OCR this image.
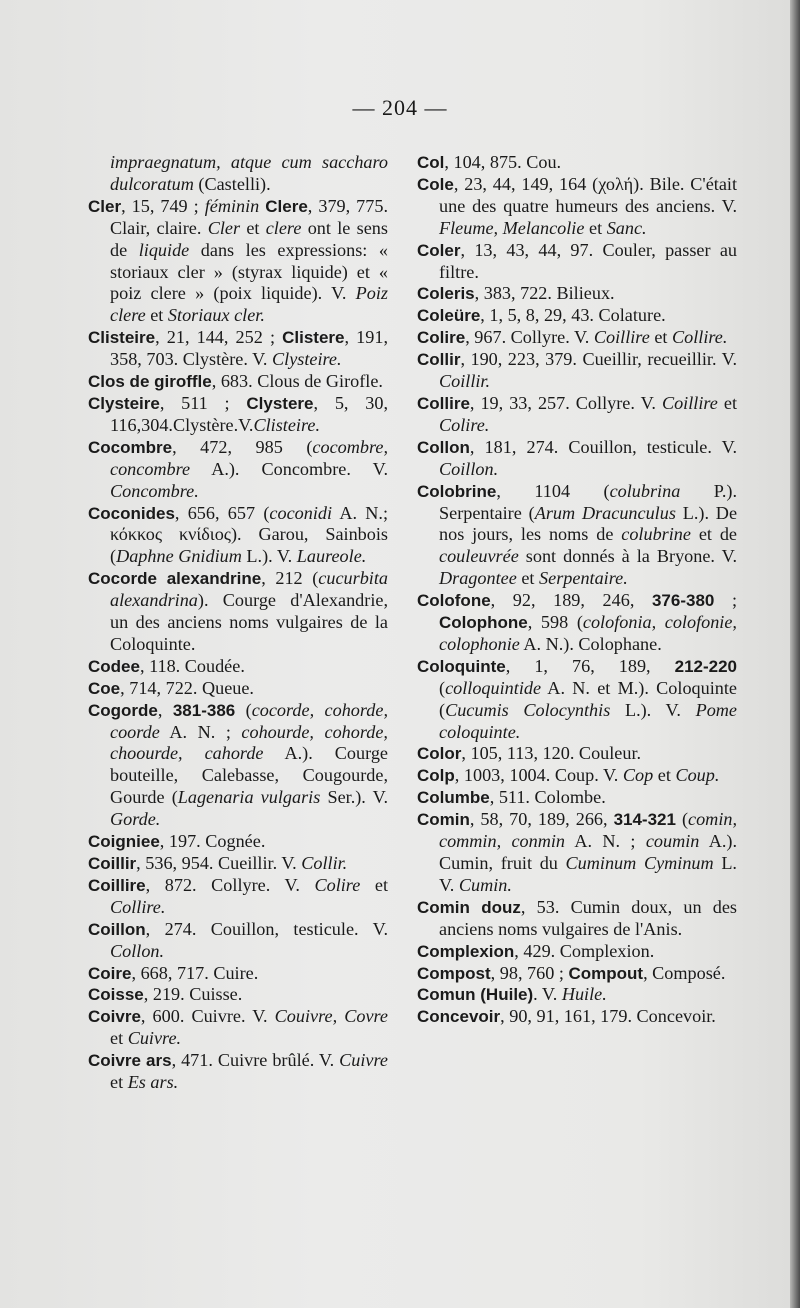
— 204 —

impraegnatum, atque cum saccharo dulcoratum (Castelli).

Cler, 15, 749 ; féminin Clere, 379, 775. Clair, claire. Cler et clere ont le sens de liquide dans les expressions: « storiaux cler » (styrax liquide) et « poiz clere » (poix liquide). V. Poiz clere et Storiaux cler.

Clisteire, 21, 144, 252 ; Clistere, 191, 358, 703. Clystère. V. Clysteire.

Clos de giroffle, 683. Clous de Girofle.

Clysteire, 511 ; Clystere, 5, 30, 116,304.Clystère.V.Clisteire.

Cocombre, 472, 985 (cocombre, concombre A.). Concombre. V. Concombre.

Coconides, 656, 657 (coconidi A. N.; κόκκος κνίδιος). Garou, Sainbois (Daphne Gnidium L.). V. Laureole.

Cocorde alexandrine, 212 (cucurbita alexandrina). Courge d'Alexandrie, un des anciens noms vulgaires de la Coloquinte.

Codee, 118. Coudée.

Coe, 714, 722. Queue.

Cogorde, 381-386 (cocorde, cohorde, coorde A. N. ; cohourde, cohorde, choourde, cahorde A.). Courge bouteille, Calebasse, Cougourde, Gourde (Lagenaria vulgaris Ser.). V. Gorde.

Coigniee, 197. Cognée.

Coillir, 536, 954. Cueillir. V. Collir.

Coillire, 872. Collyre. V. Colire et Collire.

Coillon, 274. Couillon, testicule. V. Collon.

Coire, 668, 717. Cuire.

Coisse, 219. Cuisse.

Coivre, 600. Cuivre. V. Couivre, Covre et Cuivre.

Coivre ars, 471. Cuivre brûlé. V. Cuivre et Es ars.

Col, 104, 875. Cou.

Cole, 23, 44, 149, 164 (χολή). Bile. C'était une des quatre humeurs des anciens. V. Fleume, Melancolie et Sanc.

Coler, 13, 43, 44, 97. Couler, passer au filtre.

Coleris, 383, 722. Bilieux.

Coleüre, 1, 5, 8, 29, 43. Colature.

Colire, 967. Collyre. V. Coillire et Collire.

Collir, 190, 223, 379. Cueillir, recueillir. V. Coillir.

Collire, 19, 33, 257. Collyre. V. Coillire et Colire.

Collon, 181, 274. Couillon, testicule. V. Coillon.

Colobrine, 1104 (colubrina P.). Serpentaire (Arum Dracunculus L.). De nos jours, les noms de colubrine et de couleuvrée sont donnés à la Bryone. V. Dragontee et Serpentaire.

Colofone, 92, 189, 246, 376-380 ; Colophone, 598 (colofonia, colofonie, colophonie A. N.). Colophane.

Coloquinte, 1, 76, 189, 212-220 (colloquintide A. N. et M.). Coloquinte (Cucumis Colocynthis L.). V. Pome coloquinte.

Color, 105, 113, 120. Couleur.

Colp, 1003, 1004. Coup. V. Cop et Coup.

Columbe, 511. Colombe.

Comin, 58, 70, 189, 266, 314-321 (comin, commin, conmin A. N. ; coumin A.). Cumin, fruit du Cuminum Cyminum L. V. Cumin.

Comin douz, 53. Cumin doux, un des anciens noms vulgaires de l'Anis.

Complexion, 429. Complexion.

Compost, 98, 760 ; Compout, Composé.

Comun (Huile). V. Huile.

Concevoir, 90, 91, 161, 179. Concevoir.
